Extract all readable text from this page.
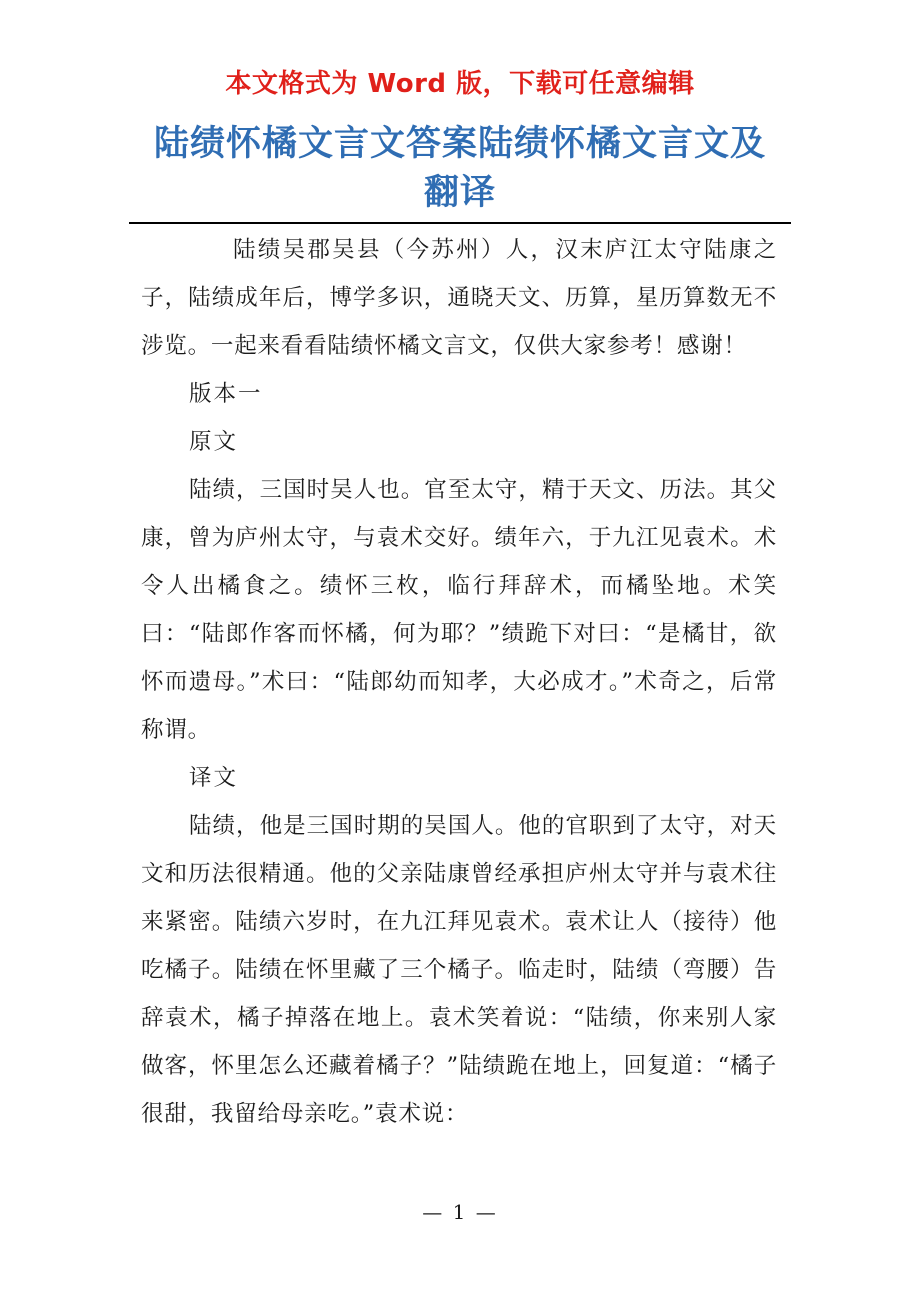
本文格式为 Word 版，下载可任意编辑
陆绩怀橘文言文答案陆绩怀橘文言文及翻译

陆绩吴郡吴县（今苏州）人，汉末庐江太守陆康之子，陆绩成年后，博学多识，通晓天文、历算，星历算数无不涉览。一起来看看陆绩怀橘文言文，仅供大家参考！感谢！

版本一

原文

陆绩，三国时吴人也。官至太守，精于天文、历法。其父康，曾为庐州太守，与袁术交好。绩年六，于九江见袁术。术令人出橘食之。绩怀三枚，临行拜辞术，而橘坠地。术笑曰：“陆郎作客而怀橘，何为耶？”绩跪下对曰：“是橘甘，欲怀而遗母。”术曰：“陆郎幼而知孝，大必成才。”术奇之，后常称谓。

译文

陆绩，他是三国时期的吴国人。他的官职到了太守，对天文和历法很精通。他的父亲陆康曾经承担庐州太守并与袁术往来紧密。陆绩六岁时，在九江拜见袁术。袁术让人（接待）他吃橘子。陆绩在怀里藏了三个橘子。临走时，陆绩（弯腰）告辞袁术，橘子掉落在地上。袁术笑着说：“陆绩，你来别人家做客，怀里怎么还藏着橘子？”陆绩跪在地上，回复道：“橘子很甜，我留给母亲吃。”袁术说：

— 1 —
